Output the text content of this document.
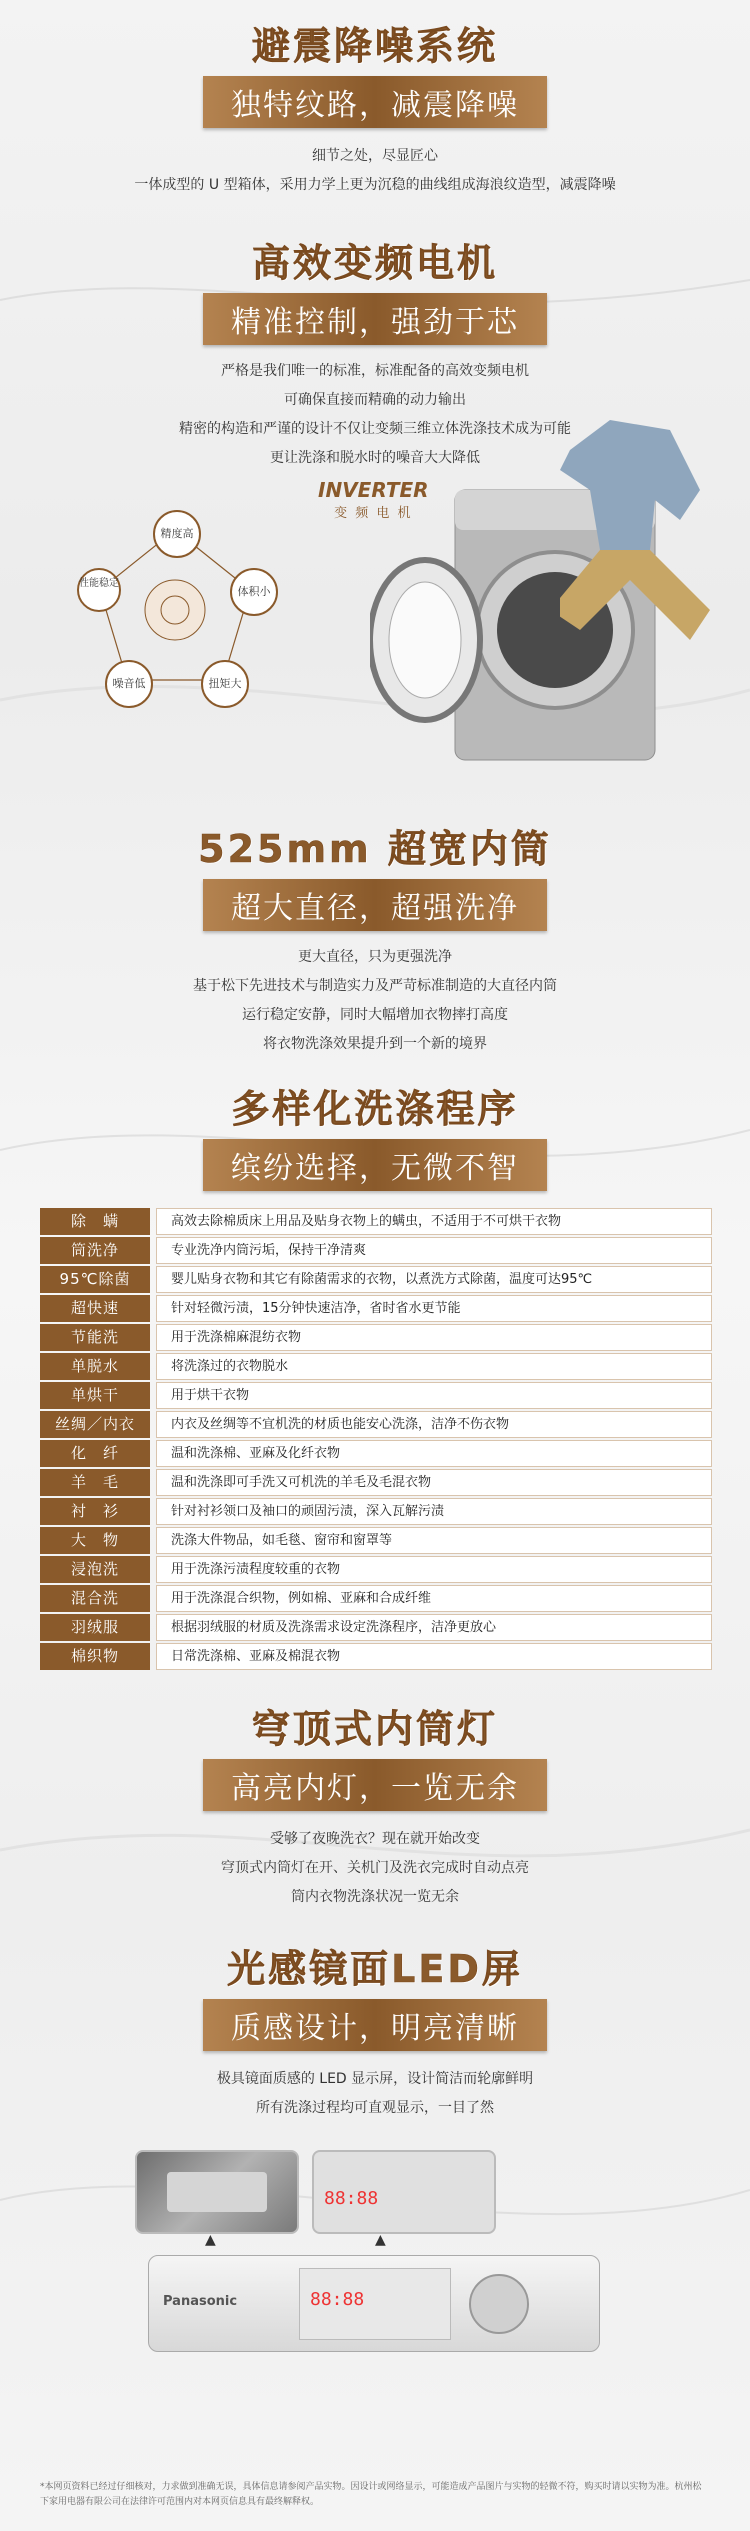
避震降噪系统
独特纹路，减震降噪
细节之处，尽显匠心
一体成型的 U 型箱体，采用力学上更为沉稳的曲线组成海浪纹造型，减震降噪
高效变频电机
精准控制，强劲于芯
严格是我们唯一的标准，标准配备的高效变频电机
可确保直接而精确的动力输出
精密的构造和严谨的设计不仅让变频三维立体洗涤技术成为可能
更让洗涤和脱水时的噪音大大降低
INVERTER
变 频 电 机
精度高
体积小
扭矩大
噪音低
性能稳定
525mm 超宽内筒
超大直径，超强洗净
更大直径，只为更强洗净
基于松下先进技术与制造实力及严苛标准制造的大直径内筒
运行稳定安静，同时大幅增加衣物摔打高度
将衣物洗涤效果提升到一个新的境界
多样化洗涤程序
缤纷选择，无微不智
除　螨	高效去除棉质床上用品及贴身衣物上的螨虫，不适用于不可烘干衣物
筒洗净	专业洗净内筒污垢，保持干净清爽
95℃除菌	婴儿贴身衣物和其它有除菌需求的衣物，以煮洗方式除菌，温度可达95℃
超快速	针对轻微污渍，15分钟快速洁净，省时省水更节能
节能洗	用于洗涤棉麻混纺衣物
单脱水	将洗涤过的衣物脱水
单烘干	用于烘干衣物
丝绸／内衣	内衣及丝绸等不宜机洗的材质也能安心洗涤，洁净不伤衣物
化　纤	温和洗涤棉、亚麻及化纤衣物
羊　毛	温和洗涤即可手洗又可机洗的羊毛及毛混衣物
衬　衫	针对衬衫领口及袖口的顽固污渍，深入瓦解污渍
大　物	洗涤大件物品，如毛毯、窗帘和窗罩等
浸泡洗	用于洗涤污渍程度较重的衣物
混合洗	用于洗涤混合织物，例如棉、亚麻和合成纤维
羽绒服	根据羽绒服的材质及洗涤需求设定洗涤程序，洁净更放心
棉织物	日常洗涤棉、亚麻及棉混衣物
穹顶式内筒灯
高亮内灯，一览无余
受够了夜晚洗衣？现在就开始改变
穹顶式内筒灯在开、关机门及洗衣完成时自动点亮
筒内衣物洗涤状况一览无余
光感镜面LED屏
质感设计，明亮清晰
极具镜面质感的 LED 显示屏，设计简洁而轮廓鲜明
所有洗涤过程均可直观显示，一目了然
88:88
▲	▲
Panasonic	88:88
*本网页资料已经过仔细核对，力求做到准确无误，具体信息请参阅产品实物。因设计或网络显示，可能造成产品图片与实物的轻微不符，购买时请以实物为准。杭州松下家用电器有限公司在法律许可范围内对本网页信息具有最终解释权。
